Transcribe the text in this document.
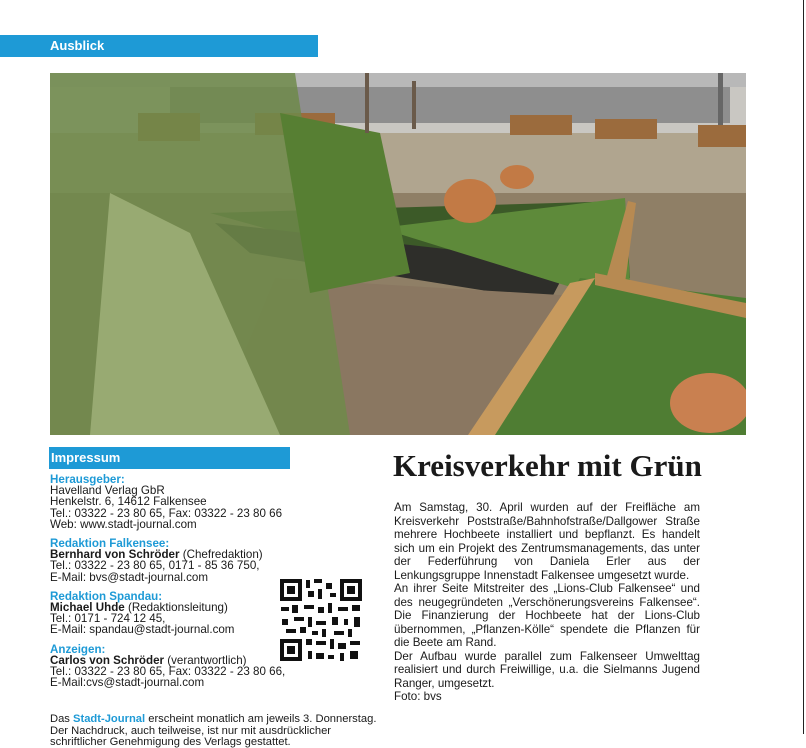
Ausblick
Impressum

Herausgeber:

Havelland Verlag GbR

Henkelstr. 6, 14612 Falkensee

Tel.: 03322 - 23 80 65, Fax: 03322 - 23 80 66

Web: www.stadt-journal.com

Redaktion Falkensee:

Bernhard von Schröder (Chefredaktion)

Tel.: 03322 - 23 80 65, 0171 - 85 36 750,

E-Mail: bvs@stadt-journal.com

Redaktion Spandau:

Michael Uhde (Redaktionsleitung)

Tel.: 0171 - 724 12 45,

E-Mail: spandau@stadt-journal.com

Anzeigen:

Carlos von Schröder (verantwortlich)

Tel.: 03322 - 23 80 65, Fax: 03322 - 23 80 66,

E-Mail:cvs@stadt-journal.com

Das Stadt-Journal erscheint monatlich am jeweils 3. Donnerstag. Der Nachdruck, auch teilweise, ist nur mit ausdrücklicher schriftlicher Genehmigung des Verlags gestattet.

Kreisverkehr mit Grün

Am Samstag, 30. April wurden auf der Freifläche am Kreisverkehr Poststraße/Bahnhofstraße/Dallgower Straße mehrere Hochbeete installiert und bepflanzt. Es handelt sich um ein Projekt des Zentrumsmanagements, das unter der Federführung von Daniela Erler aus der Lenkungsgruppe Innenstadt Falkensee umgesetzt wurde.

An ihrer Seite Mitstreiter des „Lions-Club Falkensee“ und des neugegründeten „Verschönerungsvereins Falkensee“. Die Finanzierung der Hochbeete hat der Lions-Club übernommen, „Pflanzen-Kölle“ spendete die Pflanzen für die Beete am Rand.

Der Aufbau wurde parallel zum Falkenseer Umwelttag realisiert und durch Freiwillige, u.a. die Sielmanns Jugend Ranger, umgesetzt.

Foto: bvs
